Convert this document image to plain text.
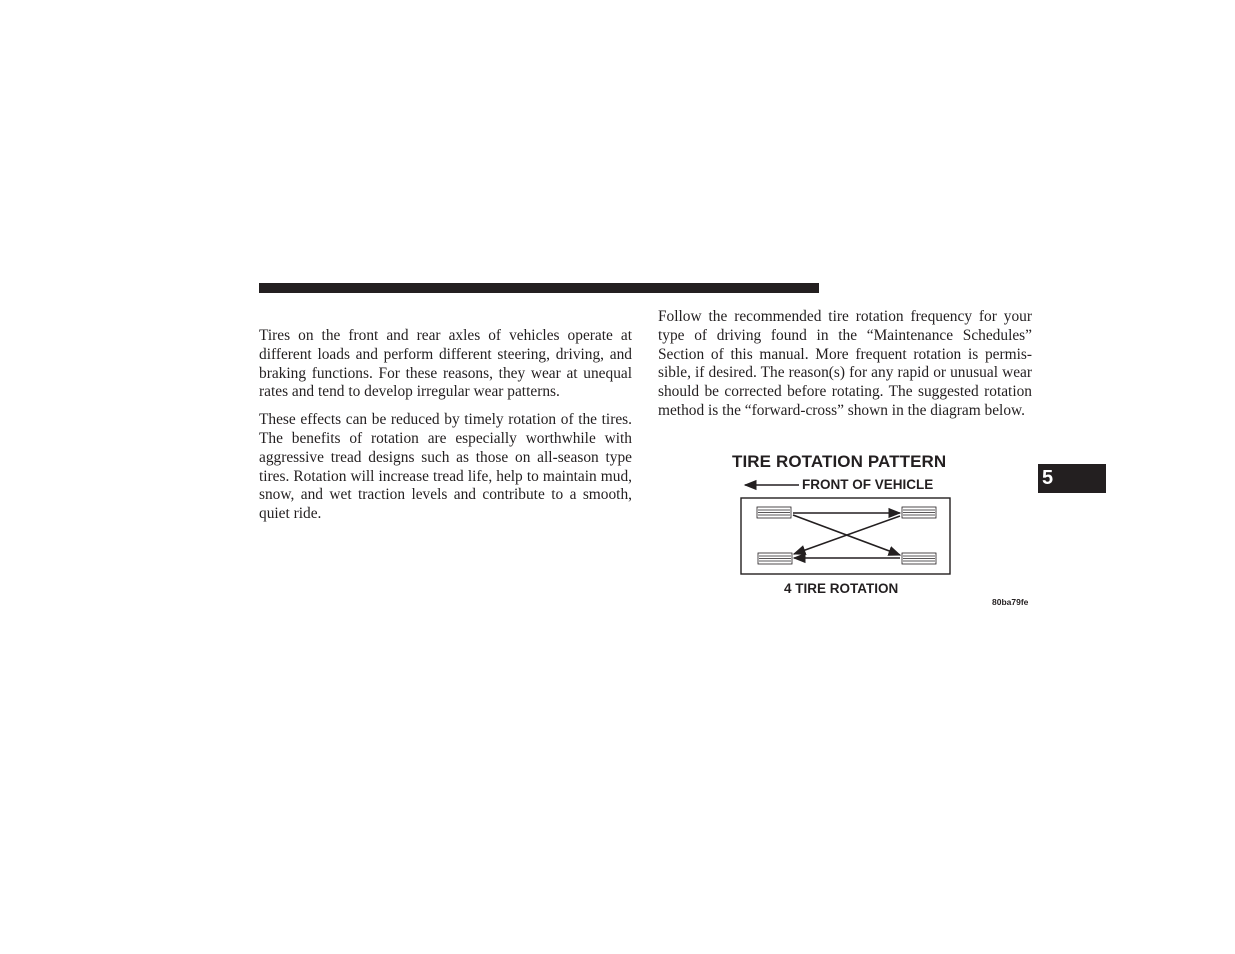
Tires on the front and rear axles of vehicles operate at different loads and perform different steering, driving, and braking functions. For these reasons, they wear at unequal rates and tend to develop irregular wear patterns.

These effects can be reduced by timely rotation of the tires. The benefits of rotation are especially worthwhile with aggressive tread designs such as those on all-season type tires. Rotation will increase tread life, help to maintain mud, snow, and wet traction levels and contribute to a smooth, quiet ride.

Follow the recommended tire rotation frequency for your type of driving found in the “Maintenance Schedules” Section of this manual. More frequent rotation is permissible, if desired. The reason(s) for any rapid or unusual wear should be corrected before rotating. The suggested rotation method is the “forward-cross” shown in the diagram below.

TIRE ROTATION PATTERN
FRONT OF VEHICLE
4 TIRE ROTATION
80ba79fe
5
